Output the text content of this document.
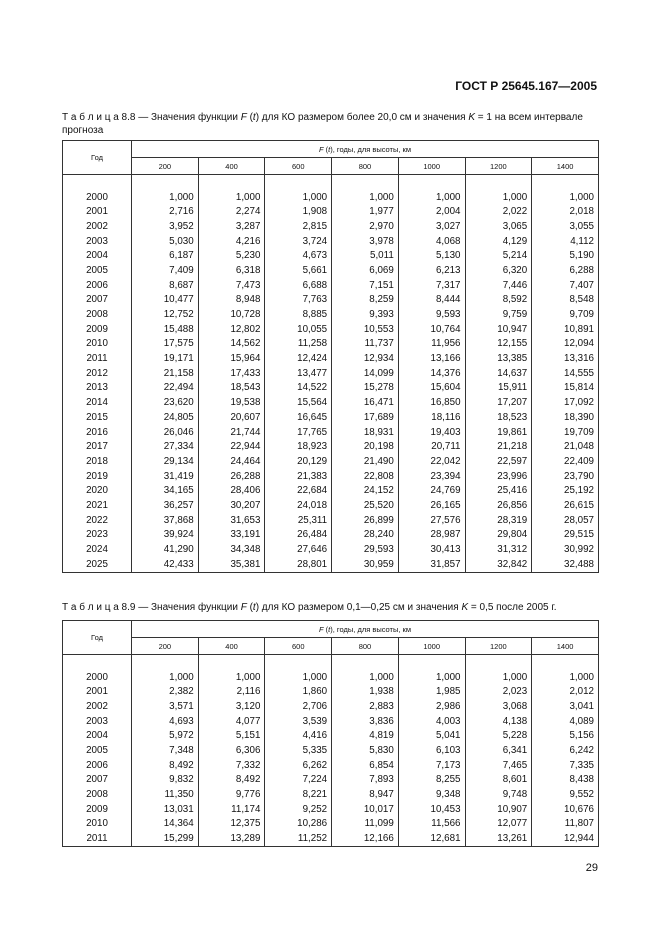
ГОСТ Р 25645.167—2005
Т а б л и ц а 8.8 — Значения функции F (t) для КО размером более 20,0 см и значения K = 1 на всем интервале прогноза
Год	F (t), годы, для высоты, км						
	200	400	600	800	1000	1200	1400

2000	1,000	1,000	1,000	1,000	1,000	1,000	1,000
2001	2,716	2,274	1,908	1,977	2,004	2,022	2,018
2002	3,952	3,287	2,815	2,970	3,027	3,065	3,055
2003	5,030	4,216	3,724	3,978	4,068	4,129	4,112
2004	6,187	5,230	4,673	5,011	5,130	5,214	5,190
2005	7,409	6,318	5,661	6,069	6,213	6,320	6,288
2006	8,687	7,473	6,688	7,151	7,317	7,446	7,407
2007	10,477	8,948	7,763	8,259	8,444	8,592	8,548
2008	12,752	10,728	8,885	9,393	9,593	9,759	9,709
2009	15,488	12,802	10,055	10,553	10,764	10,947	10,891
2010	17,575	14,562	11,258	11,737	11,956	12,155	12,094
2011	19,171	15,964	12,424	12,934	13,166	13,385	13,316
2012	21,158	17,433	13,477	14,099	14,376	14,637	14,555
2013	22,494	18,543	14,522	15,278	15,604	15,911	15,814
2014	23,620	19,538	15,564	16,471	16,850	17,207	17,092
2015	24,805	20,607	16,645	17,689	18,116	18,523	18,390
2016	26,046	21,744	17,765	18,931	19,403	19,861	19,709
2017	27,334	22,944	18,923	20,198	20,711	21,218	21,048
2018	29,134	24,464	20,129	21,490	22,042	22,597	22,409
2019	31,419	26,288	21,383	22,808	23,394	23,996	23,790
2020	34,165	28,406	22,684	24,152	24,769	25,416	25,192
2021	36,257	30,207	24,018	25,520	26,165	26,856	26,615
2022	37,868	31,653	25,311	26,899	27,576	28,319	28,057
2023	39,924	33,191	26,484	28,240	28,987	29,804	29,515
2024	41,290	34,348	27,646	29,593	30,413	31,312	30,992
2025	42,433	35,381	28,801	30,959	31,857	32,842	32,488
Т а б л и ц а 8.9 — Значения функции F (t) для КО размером 0,1—0,25 см и значения K = 0,5 после 2005 г.
Год	F (t), годы, для высоты, км						
	200	400	600	800	1000	1200	1400

2000	1,000	1,000	1,000	1,000	1,000	1,000	1,000
2001	2,382	2,116	1,860	1,938	1,985	2,023	2,012
2002	3,571	3,120	2,706	2,883	2,986	3,068	3,041
2003	4,693	4,077	3,539	3,836	4,003	4,138	4,089
2004	5,972	5,151	4,416	4,819	5,041	5,228	5,156
2005	7,348	6,306	5,335	5,830	6,103	6,341	6,242
2006	8,492	7,332	6,262	6,854	7,173	7,465	7,335
2007	9,832	8,492	7,224	7,893	8,255	8,601	8,438
2008	11,350	9,776	8,221	8,947	9,348	9,748	9,552
2009	13,031	11,174	9,252	10,017	10,453	10,907	10,676
2010	14,364	12,375	10,286	11,099	11,566	12,077	11,807
2011	15,299	13,289	11,252	12,166	12,681	13,261	12,944
29
